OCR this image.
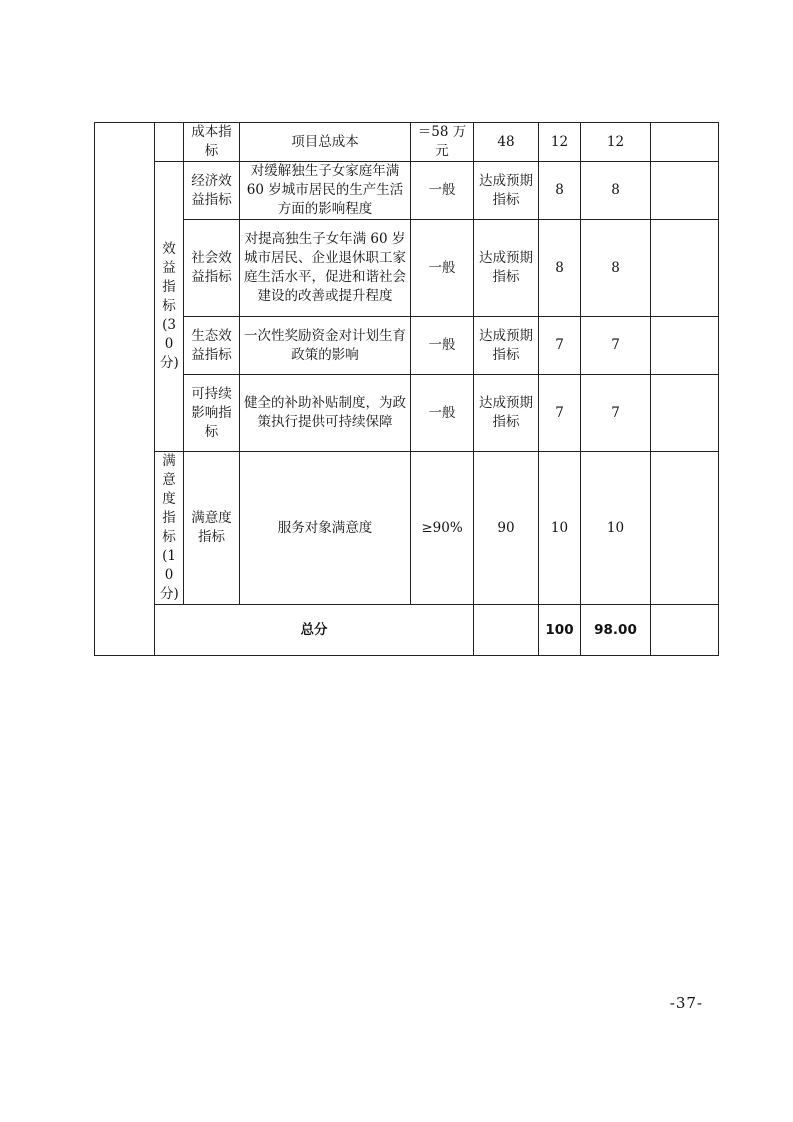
		成本指标	项目总成本	＝58 万元	48	12	12	

	效益指标(30分)	经济效益指标	对缓解独生子女家庭年满 60 岁城市居民的生产生活方面的影响程度	一般	达成预期指标	8	8	
		社会效益指标	对提高独生子女年满 60 岁城市居民、企业退休职工家庭生活水平，促进和谐社会建设的改善或提升程度	一般	达成预期指标	8	8	
		生态效益指标	一次性奖励资金对计划生育政策的影响	一般	达成预期指标	7	7	
		可持续影响指标	健全的补助补贴制度，为政策执行提供可持续保障	一般	达成预期指标	7	7	

	满意度指标(10分)	满意度指标	服务对象满意度	≥90%	90	10	10	
	总分					100	98.00	
-37-
